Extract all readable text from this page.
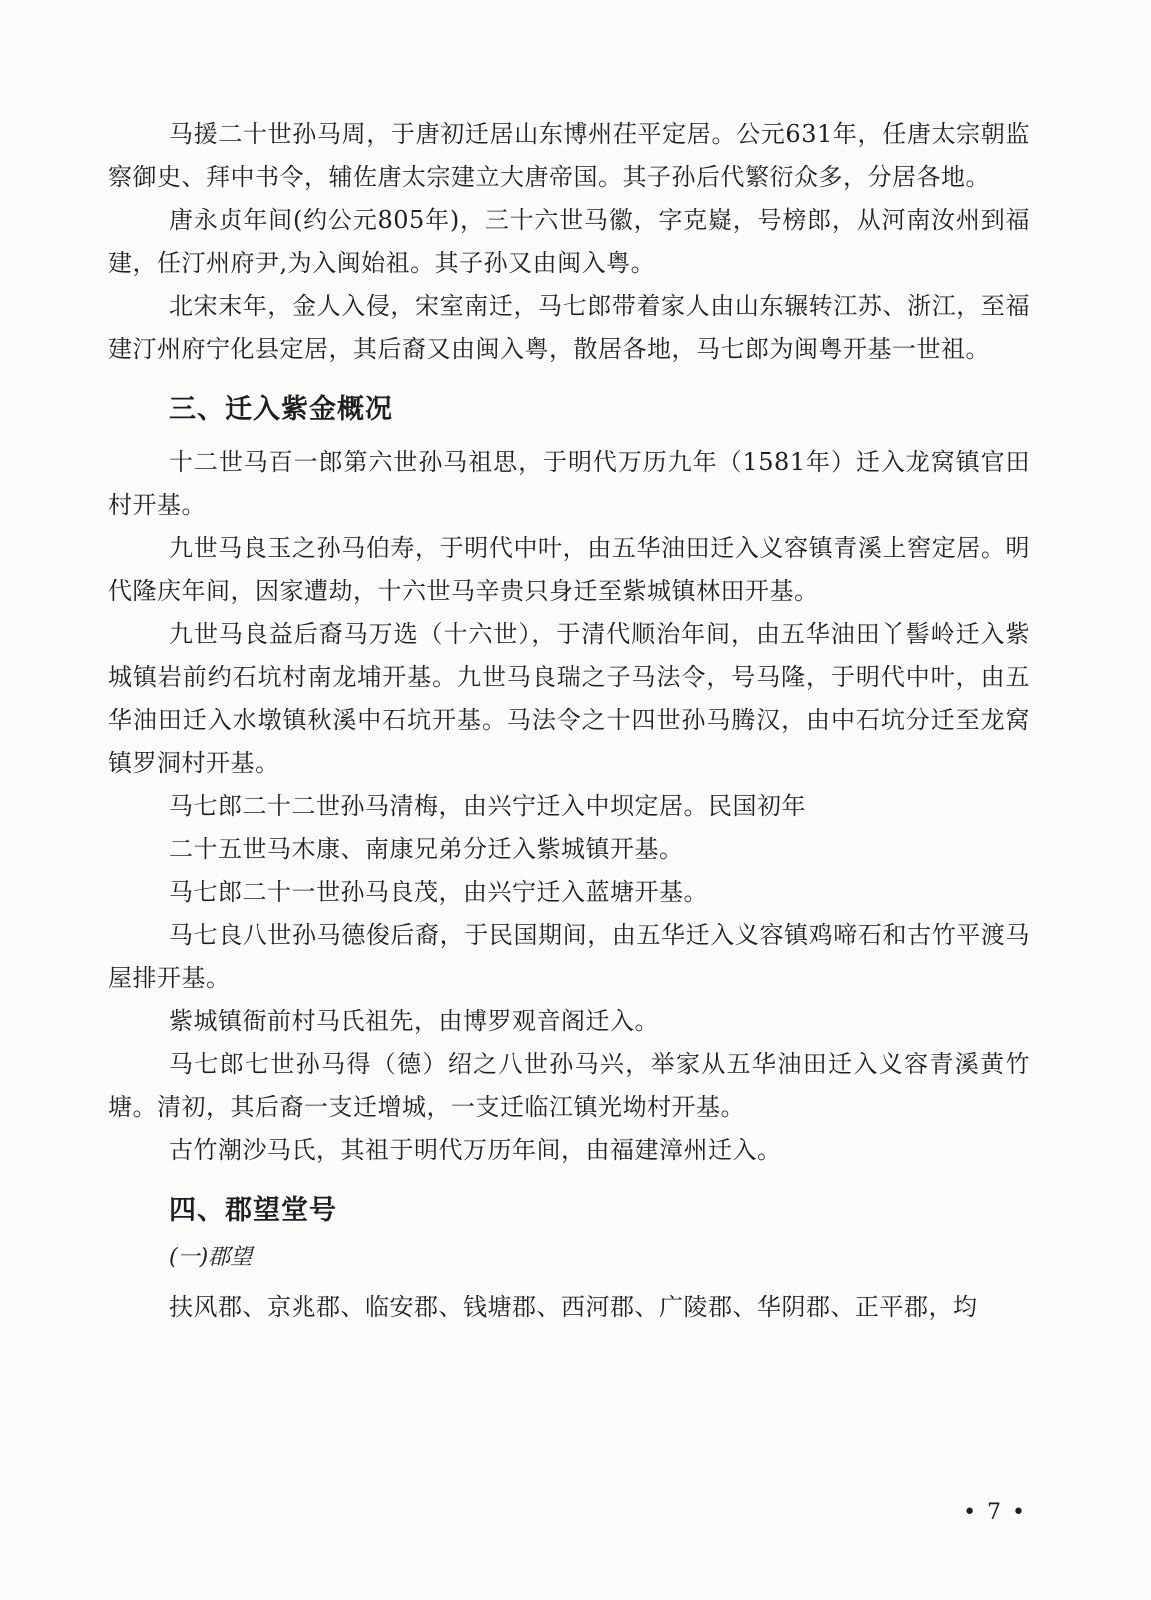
马援二十世孙马周，于唐初迁居山东博州茌平定居。公元631年，任唐太宗朝监察御史、拜中书令，辅佐唐太宗建立大唐帝国。其子孙后代繁衍众多，分居各地。

唐永贞年间(约公元805年)，三十六世马徽，字克嶷，号榜郎，从河南汝州到福建，任汀州府尹,为入闽始祖。其子孙又由闽入粤。

北宋末年，金人入侵，宋室南迁，马七郎带着家人由山东辗转江苏、浙江，至福建汀州府宁化县定居，其后裔又由闽入粤，散居各地，马七郎为闽粤开基一世祖。

三、迁入紫金概况

十二世马百一郎第六世孙马祖思，于明代万历九年（1581年）迁入龙窝镇官田村开基。

九世马良玉之孙马伯寿，于明代中叶，由五华油田迁入义容镇青溪上窖定居。明代隆庆年间，因家遭劫，十六世马辛贵只身迁至紫城镇林田开基。

九世马良益后裔马万选（十六世），于清代顺治年间，由五华油田丫髻岭迁入紫城镇岩前约石坑村南龙埔开基。九世马良瑞之子马法令，号马隆，于明代中叶，由五华油田迁入水墩镇秋溪中石坑开基。马法令之十四世孙马腾汉，由中石坑分迁至龙窝镇罗洞村开基。

马七郎二十二世孙马清梅，由兴宁迁入中坝定居。民国初年

二十五世马木康、南康兄弟分迁入紫城镇开基。

马七郎二十一世孙马良茂，由兴宁迁入蓝塘开基。

马七良八世孙马德俊后裔，于民国期间，由五华迁入义容镇鸡啼石和古竹平渡马屋排开基。

紫城镇衙前村马氏祖先，由博罗观音阁迁入。

马七郎七世孙马得（德）绍之八世孙马兴，举家从五华油田迁入义容青溪黄竹塘。清初，其后裔一支迁增城，一支迁临江镇光坳村开基。

古竹潮沙马氏，其祖于明代万历年间，由福建漳州迁入。

四、郡望堂号
(一)郡望

扶风郡、京兆郡、临安郡、钱塘郡、西河郡、广陵郡、华阴郡、正平郡，均

• 7 •
